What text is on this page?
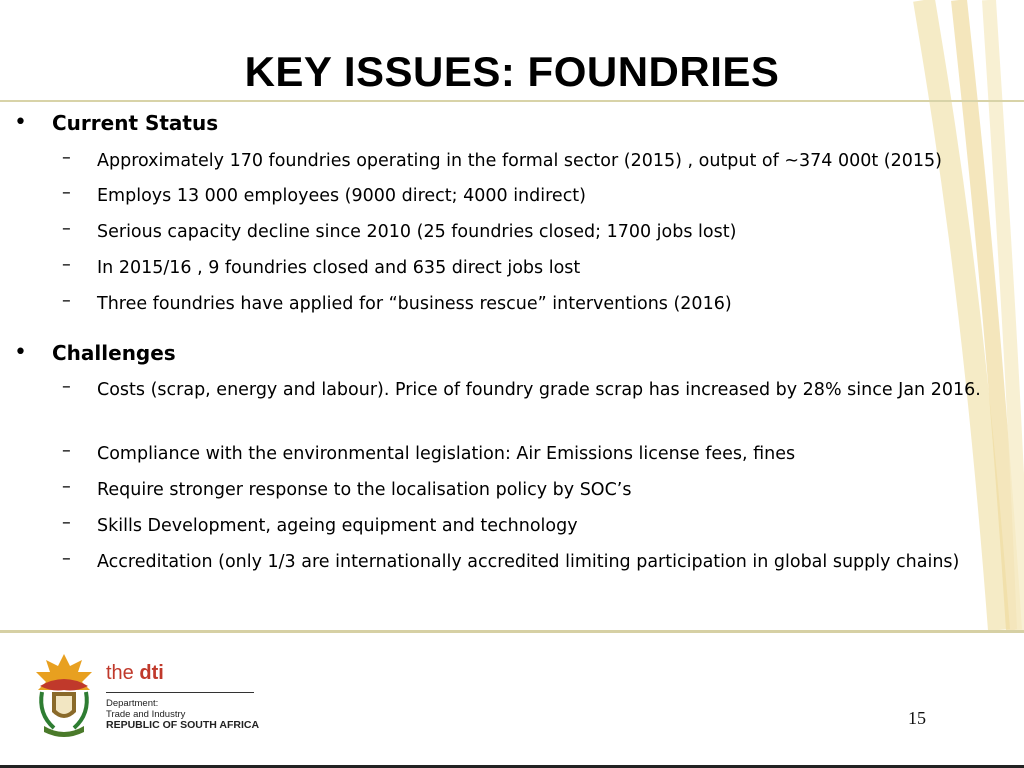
KEY ISSUES: FOUNDRIES
• Current Status
– Approximately 170 foundries operating in the formal sector (2015) , output of ~374 000t (2015)
– Employs 13 000 employees (9000 direct; 4000 indirect)
– Serious capacity decline since 2010 (25 foundries closed; 1700 jobs lost)
– In 2015/16 , 9 foundries closed and 635 direct jobs lost
– Three foundries have applied for “business rescue” interventions (2016)
• Challenges
– Costs (scrap, energy and labour). Price of foundry grade scrap has increased by 28% since Jan 2016.
– Compliance with the environmental legislation: Air Emissions license fees, fines
– Require stronger response to the localisation policy by SOC’s
– Skills Development, ageing equipment and technology
– Accreditation (only 1/3 are internationally accredited limiting participation in global supply chains)
the dti
Department:
Trade and Industry
REPUBLIC OF SOUTH AFRICA	15
